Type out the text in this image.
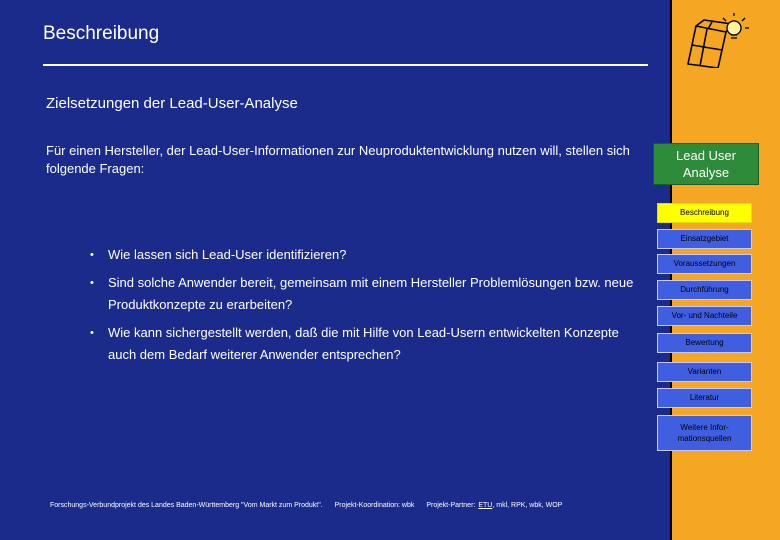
Beschreibung
Zielsetzungen der Lead-User-Analyse
Für einen Hersteller, der Lead-User-Informationen zur Neuproduktentwicklung nutzen will, stellen sich folgende Fragen:
• Wie lassen sich Lead-User identifizieren?
• Sind solche Anwender bereit, gemeinsam mit einem Hersteller Problemlösungen bzw. neue Produktkonzepte zu erarbeiten?
• Wie kann sichergestellt werden, daß die mit Hilfe von Lead-Usern entwickelten Konzepte auch dem Bedarf weiterer Anwender entsprechen?
Forschungs-Verbundprojekt des Landes Baden-Württemberg "Vom Markt zum Produkt". Projekt-Koordination: wbk Projekt-Partner: ETU, mkl, RPK, wbk, WOP
Lead User Analyse
Beschreibung
Einsatzgebiet
Voraussetzungen
Durchführung
Vor- und Nachteile
Bewertung
Varianten
Literatur
Weitere Infor-mationsquellen
